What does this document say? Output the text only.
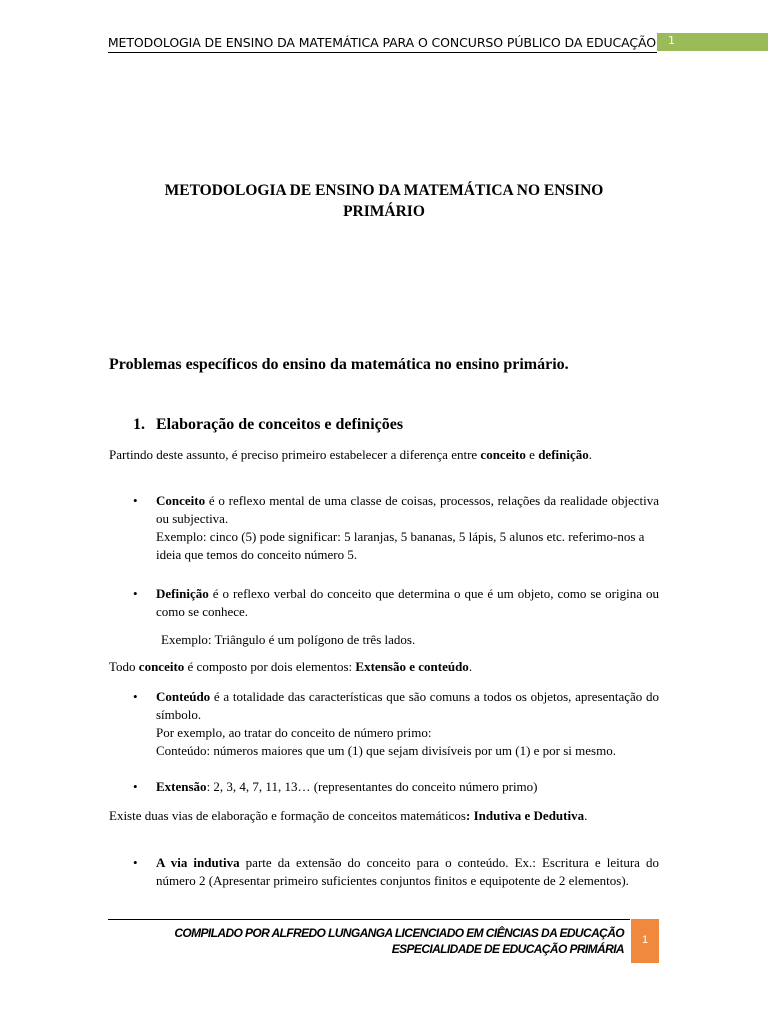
METODOLOGIA DE ENSINO DA MATEMÁTICA PARA O CONCURSO PÚBLICO DA EDUCAÇÃO 1
METODOLOGIA DE ENSINO DA MATEMÁTICA NO ENSINO
PRIMÁRIO
Problemas específicos do ensino da matemática no ensino primário.
1. Elaboração de conceitos e definições
Partindo deste assunto, é preciso primeiro estabelecer a diferença entre conceito e definição.
• Conceito é o reflexo mental de uma classe de coisas, processos, relações da realidade objectiva ou subjectiva.
Exemplo: cinco (5) pode significar: 5 laranjas, 5 bananas, 5 lápis, 5 alunos etc. referimo-nos a ideia que temos do conceito número 5.
• Definição é o reflexo verbal do conceito que determina o que é um objeto, como se origina ou como se conhece.
Exemplo: Triângulo é um polígono de três lados.
Todo conceito é composto por dois elementos: Extensão e conteúdo.
• Conteúdo é a totalidade das características que são comuns a todos os objetos, apresentação do símbolo.
Por exemplo, ao tratar do conceito de número primo:
Conteúdo: números maiores que um (1) que sejam divisíveis por um (1) e por si mesmo.
• Extensão: 2, 3, 4, 7, 11, 13… (representantes do conceito número primo)
Existe duas vias de elaboração e formação de conceitos matemáticos: Indutiva e Dedutiva.
• A via indutiva parte da extensão do conceito para o conteúdo. Ex.: Escritura e leitura do número 2 (Apresentar primeiro suficientes conjuntos finitos e equipotente de 2 elementos).
COMPILADO POR ALFREDO LUNGANGA LICENCIADO EM CIÊNCIAS DA EDUCAÇÃO
ESPECIALIDADE DE EDUCAÇÃO PRIMÁRIA
1
